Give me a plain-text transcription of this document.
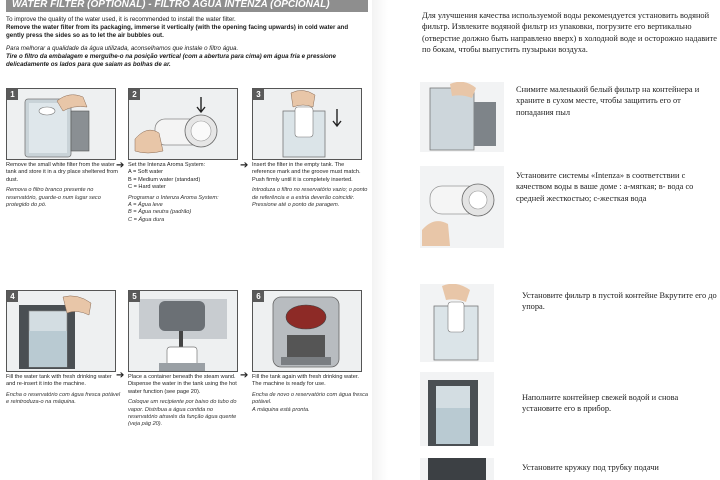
WATER FILTER (OPTIONAL) - FILTRO ÁGUA INTENZA (OPCIONAL)

To improve the quality of the water used, it is recommended to install the water filter.

Remove the water filter from its packaging, immerse it vertically (with the opening facing upwards) in cold water and gently press the sides so as to let the air bubbles out.

Para melhorar a qualidade da água utilizada, aconselhamos que instale o filtro água.

Tire o filtro da embalagem e mergulhe-o na posição vertical (com a abertura para cima) em água fria e pressione delicadamente os lados para que saiam as bolhas de ar.

1
Remove the small white filter from the water tank and store it in a dry place sheltered from dust.
Remova o filtro branco presente no reservatório, guarde-o num lugar seco protegido do pó.
➔
2
Set the Intenza Aroma System:
A = Soft water
B = Medium water (standard)
C = Hard water
Programar o Intenza Aroma System:
A = Água leve
B = Água neutra (padrão)
C = Água dura
➔
3
Insert the filter in the empty tank. The reference mark and the groove must match. Push firmly until it is completely inserted.
Introduza o filtro no reservatório vazio; o ponto de referência e a estria deverão coincidir. Pressione até o ponto de paragem.
4
Fill the water tank with fresh drinking water and re-insert it into the machine.
Encha o reservatório com água fresca potável e reintroduza-o na máquina.
➔
5
Place a container beneath the steam wand. Dispense the water in the tank using the hot water function (see page 20).
Coloque um recipiente por baixo do tubo do vapor. Distribua a água contida no reservatório através da função água quente (veja pág 20).
➔
6
Fill the tank again with fresh drinking water.
The machine is ready for use.
Encha de novo o reservatório com água fresca potável.
A máquina está pronta.
Для улучшения качества используемой воды рекомендуется установить водяной фильтр. Извлеките водяной фильтр из упаковки, погрузите его вертикально (отверстие должно быть направлено вверх) в холодной воде и осторожно надавите по бокам, чтобы выпустить пузырьки воздуха.
Снимите маленький белый фильтр на контейнера и храните в сухом месте, чтобы защитить его от попадания пыл
Установите системы «Intenza» в соответствии с качеством воды в ваше доме : а-мягкая; в- вода со средней жесткостью; с-жесткая вода
Установите фильтр в пустой контейне Вкрутите его до упора.
Наполните контейнер свежей водой и снова установите его в прибор.
Установите кружку под трубку подачи
